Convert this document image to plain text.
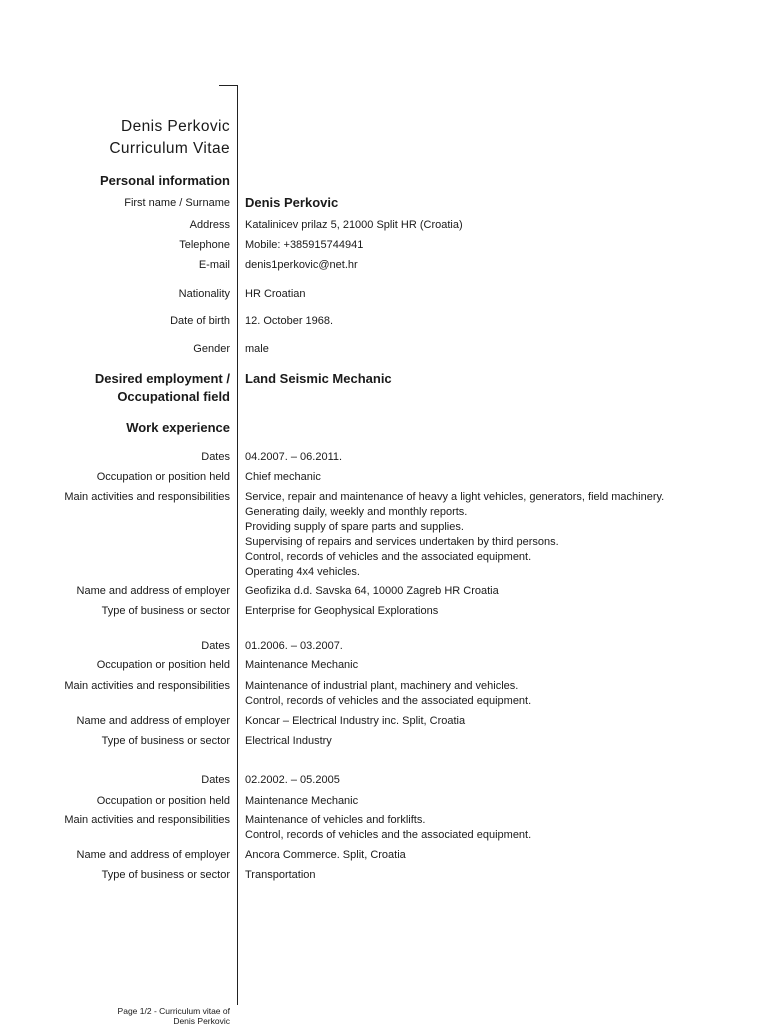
Denis Perkovic
Curriculum Vitae
Personal information
First name / Surname Denis Perkovic
Address Katalinicev prilaz 5, 21000 Split HR (Croatia)
Telephone Mobile: +385915744941
E-mail denis1perkovic@net.hr
Nationality HR Croatian
Date of birth 12. October 1968.
Gender male
Desired employment /
Occupational field
Land Seismic Mechanic
Work experience
Dates 04.2007. – 06.2011.
Occupation or position held Chief mechanic
Main activities and responsibilities Service, repair and maintenance of heavy a light vehicles, generators, field machinery.
Generating daily, weekly and monthly reports.
Providing supply of spare parts and supplies.
Supervising of repairs and services undertaken by third persons.
Control, records of vehicles and the associated equipment.
Operating 4x4 vehicles.
Name and address of employer Geofizika d.d. Savska 64, 10000 Zagreb HR Croatia
Type of business or sector Enterprise for Geophysical Explorations
Dates 01.2006. – 03.2007.
Occupation or position held Maintenance Mechanic
Main activities and responsibilities Maintenance of industrial plant, machinery and vehicles.
Control, records of vehicles and the associated equipment.
Name and address of employer Koncar – Electrical Industry inc. Split, Croatia
Type of business or sector Electrical Industry
Dates 02.2002. – 05.2005
Occupation or position held Maintenance Mechanic
Main activities and responsibilities Maintenance of vehicles and forklifts.
Control, records of vehicles and the associated equipment.
Name and address of employer Ancora Commerce. Split, Croatia
Type of business or sector Transportation
Page 1/2 - Curriculum vitae of
Denis Perkovic
